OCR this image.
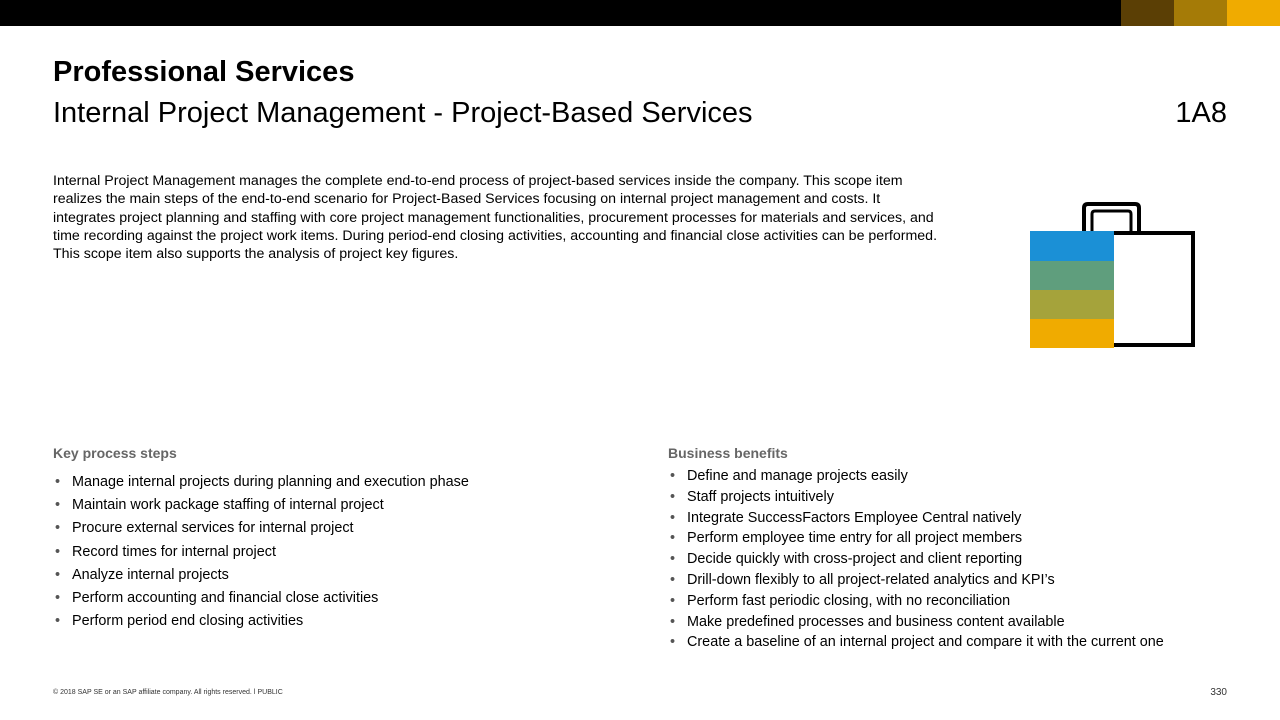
Professional Services
Internal Project Management - Project-Based Services	1A8
Internal Project Management manages the complete end-to-end process of project-based services inside the company. This scope item realizes the main steps of the end-to-end scenario for Project-Based Services focusing on internal project management and costs. It integrates project planning and staffing with core project management functionalities, procurement processes for materials and services, and time recording against the project work items. During period-end closing activities, accounting and financial close activities can be performed. This scope item also supports the analysis of project key figures.
Key process steps
• Manage internal projects during planning and execution phase
• Maintain work package staffing of internal project
• Procure external services for internal project
• Record times for internal project
• Analyze internal projects
• Perform accounting and financial close activities
• Perform period end closing activities
Business benefits
• Define and manage projects easily
• Staff projects intuitively
• Integrate SuccessFactors Employee Central natively
• Perform employee time entry for all project members
• Decide quickly with cross-project and client reporting
• Drill-down flexibly to all project-related analytics and KPI’s
• Perform fast periodic closing, with no reconciliation
• Make predefined processes and business content available
• Create a baseline of an internal project and compare it with the current one
© 2018 SAP SE or an SAP affiliate company. All rights reserved. ǀ PUBLIC	330
